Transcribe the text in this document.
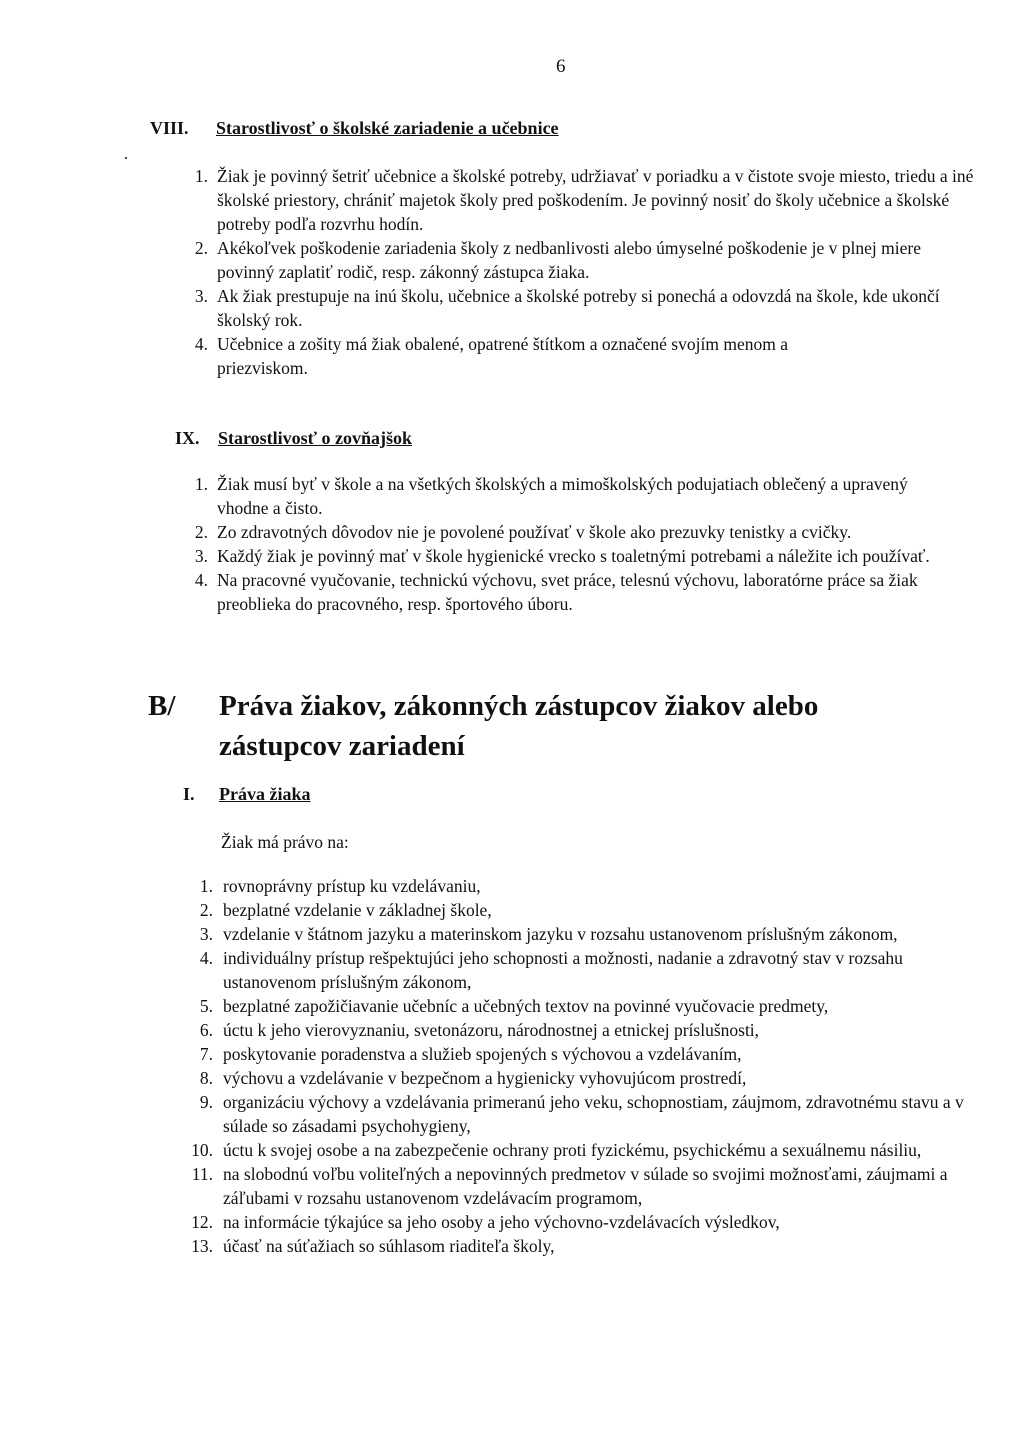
6
VIII. Starostlivosť o školské zariadenie a učebnice
1. Žiak je povinný šetriť učebnice a školské potreby, udržiavať v poriadku a v čistote svoje miesto, triedu a iné školské priestory, chrániť majetok školy pred poškodením. Je povinný nosiť do školy učebnice a školské potreby podľa rozvrhu hodín.
2. Akékoľvek poškodenie zariadenia školy z nedbanlivosti alebo úmyselné poškodenie je v plnej miere povinný zaplatiť rodič, resp. zákonný zástupca žiaka.
3. Ak žiak prestupuje na inú školu, učebnice a školské potreby si ponechá a odovzdá na škole, kde ukončí školský rok.
4. Učebnice a zošity má žiak obalené, opatrené štítkom a označené svojím menom a priezviskom.
IX. Starostlivosť o zovňajšok
1. Žiak musí byť v škole a na všetkých školských a mimoškolských podujatiach oblečený a upravený vhodne a čisto.
2. Zo zdravotných dôvodov nie je povolené používať v škole ako prezuvky tenistky a cvičky.
3. Každý žiak je povinný mať v škole hygienické vrecko s toaletnými potrebami a náležite ich používať.
4. Na pracovné vyučovanie, technickú výchovu, svet práce, telesnú výchovu, laboratórne práce sa žiak preoblieka do pracovného, resp. športového úboru.
B/ Práva žiakov, zákonných zástupcov žiakov alebo zástupcov zariadení
I. Práva žiaka
Žiak má právo na:
1. rovnoprávny prístup ku vzdelávaniu,
2. bezplatné vzdelanie v základnej škole,
3. vzdelanie v štátnom jazyku a materinskom jazyku v rozsahu ustanovenom príslušným zákonom,
4. individuálny prístup rešpektujúci jeho schopnosti a možnosti, nadanie a zdravotný stav v rozsahu ustanovenom príslušným zákonom,
5. bezplatné zapožičiavanie učebníc a učebných textov na povinné vyučovacie predmety,
6. úctu k jeho vierovyznaniu, svetonázoru, národnostnej a etnickej príslušnosti,
7. poskytovanie poradenstva a služieb spojených s výchovou a vzdelávaním,
8. výchovu a vzdelávanie v bezpečnom a hygienicky vyhovujúcom prostredí,
9. organizáciu výchovy a vzdelávania primeranú jeho veku, schopnostiam, záujmom, zdravotnému stavu a v súlade so zásadami psychohygieny,
10. úctu k svojej osobe a na zabezpečenie ochrany proti fyzickému, psychickému a sexuálnemu násiliu,
11. na slobodnú voľbu voliteľných a nepovinných predmetov v súlade so svojimi možnosťami, záujmami a záľubami v rozsahu ustanovenom vzdelávacím programom,
12. na informácie týkajúce sa jeho osoby a jeho výchovno-vzdelávacích výsledkov,
13. účasť na súťažiach so súhlasom riaditeľa školy,
